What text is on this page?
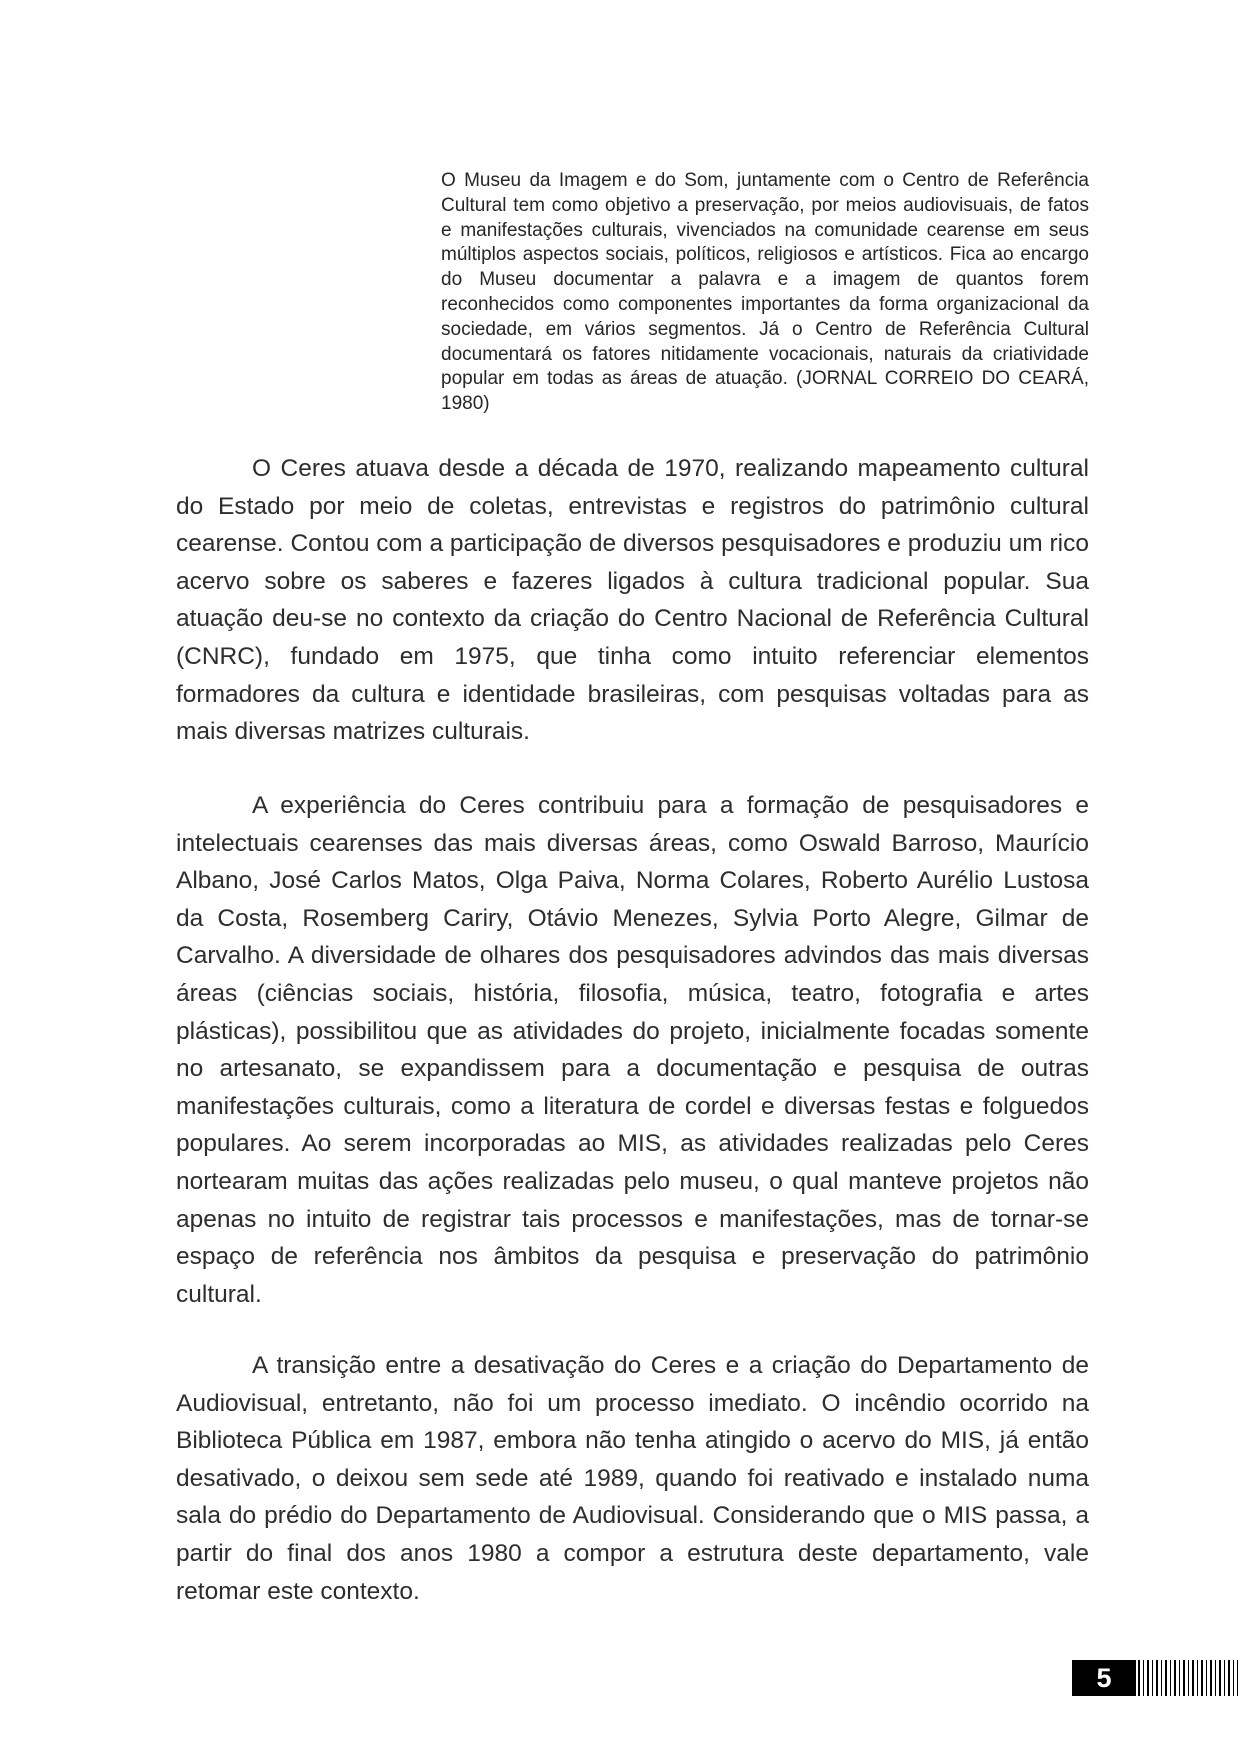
O Museu da Imagem e do Som, juntamente com o Centro de Referência Cultural tem como objetivo a preservação, por meios audiovisuais, de fatos e manifestações culturais, vivenciados na comunidade cearense em seus múltiplos aspectos sociais, políticos, religiosos e artísticos. Fica ao encargo do Museu documentar a palavra e a imagem de quantos forem reconhecidos como componentes importantes da forma organizacional da sociedade, em vários segmentos. Já o Centro de Referência Cultural documentará os fatores nitidamente vocacionais, naturais da criatividade popular em todas as áreas de atuação. (JORNAL CORREIO DO CEARÁ, 1980)

O Ceres atuava desde a década de 1970, realizando mapeamento cultural do Estado por meio de coletas, entrevistas e registros do patrimônio cultural cearense. Contou com a participação de diversos pesquisadores e produziu um rico acervo sobre os saberes e fazeres ligados à cultura tradicional popular. Sua atuação deu-se no contexto da criação do Centro Nacional de Referência Cultural (CNRC), fundado em 1975, que tinha como intuito referenciar elementos formadores da cultura e identidade brasileiras, com pesquisas voltadas para as mais diversas matrizes culturais.

A experiência do Ceres contribuiu para a formação de pesquisadores e intelectuais cearenses das mais diversas áreas, como Oswald Barroso, Maurício Albano, José Carlos Matos, Olga Paiva, Norma Colares, Roberto Aurélio Lustosa da Costa, Rosemberg Cariry, Otávio Menezes, Sylvia Porto Alegre, Gilmar de Carvalho. A diversidade de olhares dos pesquisadores advindos das mais diversas áreas (ciências sociais, história, filosofia, música, teatro, fotografia e artes plásticas), possibilitou que as atividades do projeto, inicialmente focadas somente no artesanato, se expandissem para a documentação e pesquisa de outras manifestações culturais, como a literatura de cordel e diversas festas e folguedos populares. Ao serem incorporadas ao MIS, as atividades realizadas pelo Ceres nortearam muitas das ações realizadas pelo museu, o qual manteve projetos não apenas no intuito de registrar tais processos e manifestações, mas de tornar-se espaço de referência nos âmbitos da pesquisa e preservação do patrimônio cultural.

A transição entre a desativação do Ceres e a criação do Departamento de Audiovisual, entretanto, não foi um processo imediato. O incêndio ocorrido na Biblioteca Pública em 1987, embora não tenha atingido o acervo do MIS, já então desativado, o deixou sem sede até 1989, quando foi reativado e instalado numa sala do prédio do Departamento de Audiovisual. Considerando que o MIS passa, a partir do final dos anos 1980 a compor a estrutura deste departamento, vale retomar este contexto.

5
